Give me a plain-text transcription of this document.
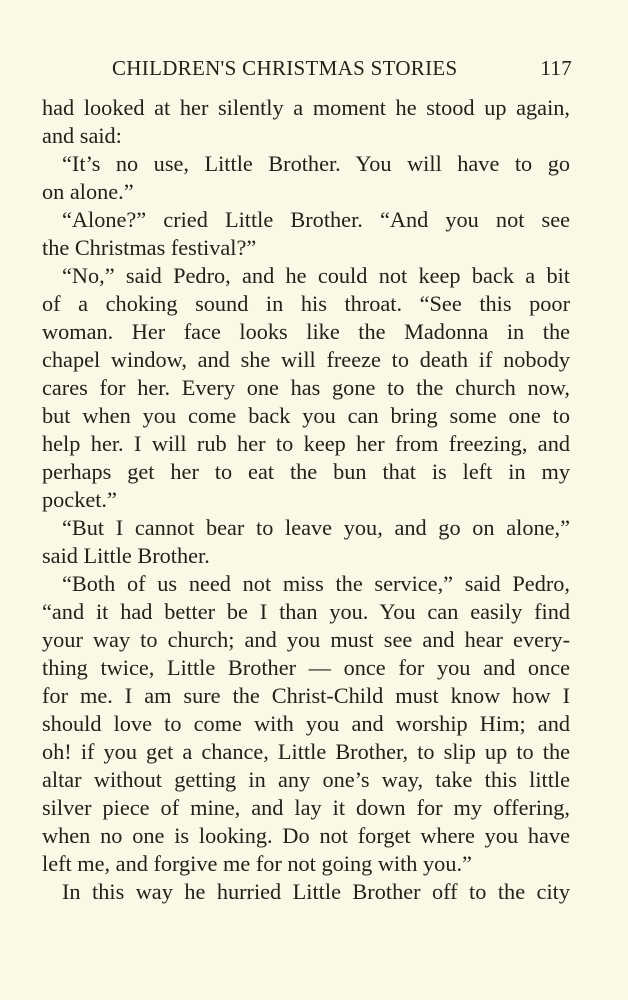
CHILDREN'S CHRISTMAS STORIES	117
had looked at her silently a moment he stood up again,
and said:
“It’s no use, Little Brother. You will have to go
on alone.”
“Alone?” cried Little Brother. “And you not see
the Christmas festival?”
“No,” said Pedro, and he could not keep back a bit
of a choking sound in his throat. “See this poor
woman. Her face looks like the Madonna in the
chapel window, and she will freeze to death if nobody
cares for her. Every one has gone to the church now,
but when you come back you can bring some one to
help her. I will rub her to keep her from freezing, and
perhaps get her to eat the bun that is left in my
pocket.”
“But I cannot bear to leave you, and go on alone,”
said Little Brother.
“Both of us need not miss the service,” said Pedro,
“and it had better be I than you. You can easily find
your way to church; and you must see and hear every-
thing twice, Little Brother — once for you and once
for me. I am sure the Christ-Child must know how I
should love to come with you and worship Him; and
oh! if you get a chance, Little Brother, to slip up to the
altar without getting in any one’s way, take this little
silver piece of mine, and lay it down for my offering,
when no one is looking. Do not forget where you have
left me, and forgive me for not going with you.”
In this way he hurried Little Brother off to the city
